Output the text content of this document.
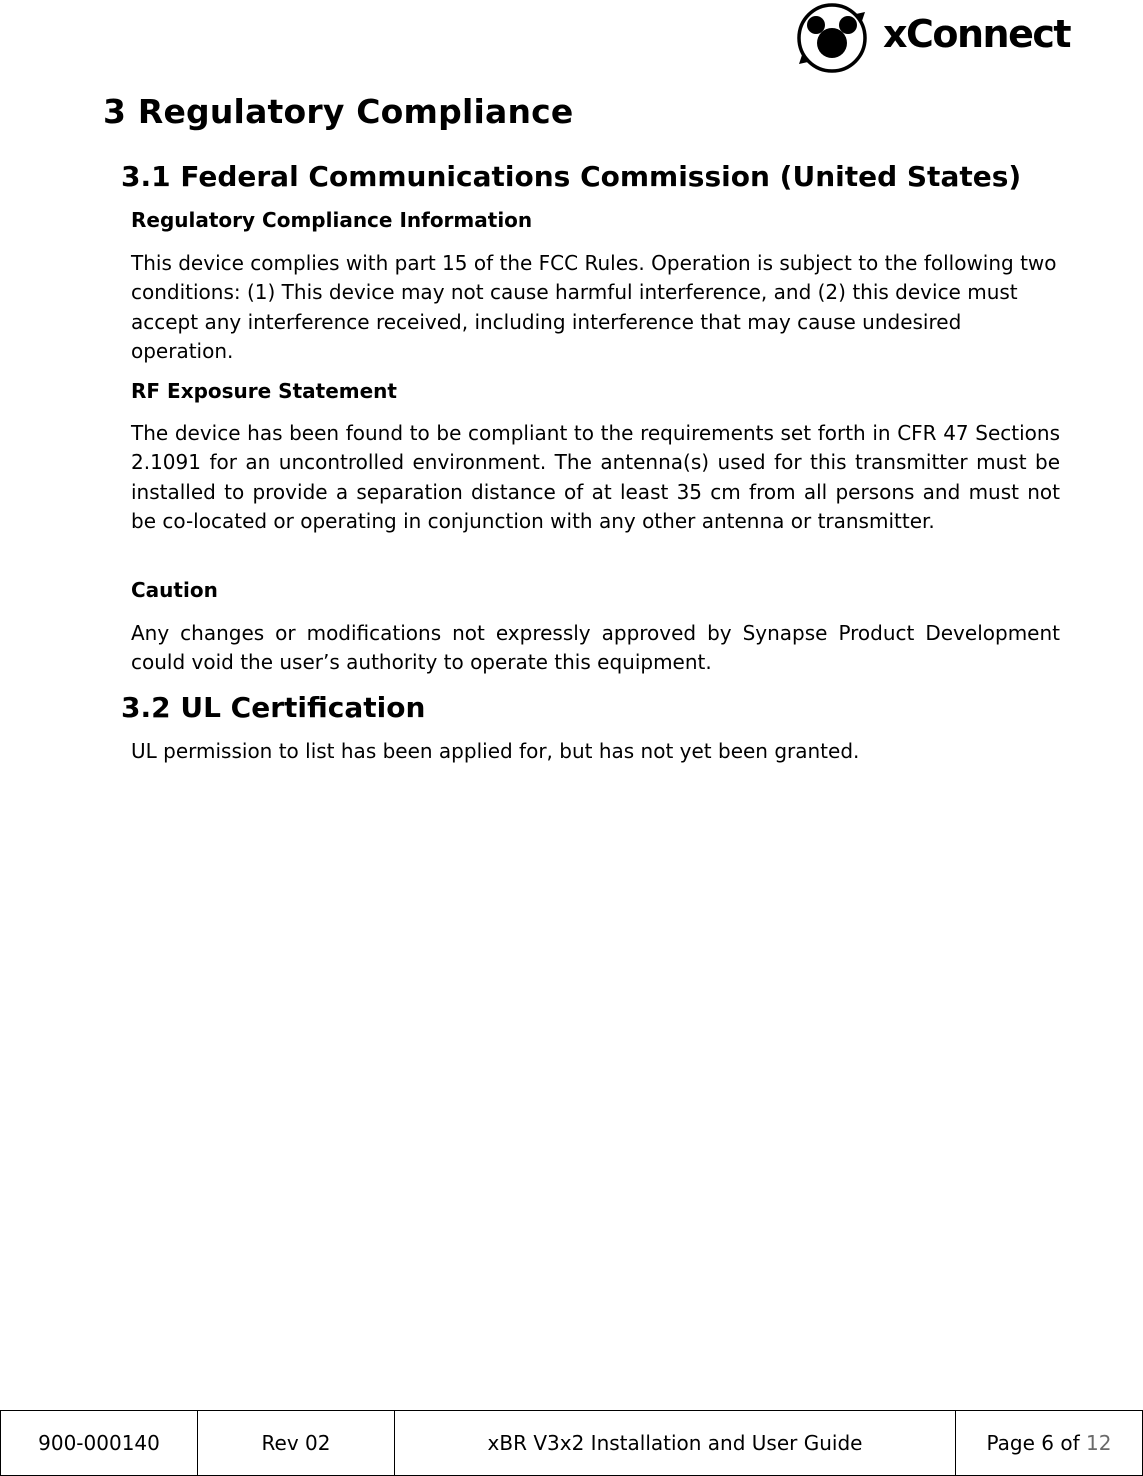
xConnect
3 Regulatory Compliance
3.1 Federal Communications Commission (United States)

Regulatory Compliance Information

This device complies with part 15 of the FCC Rules. Operation is subject to the following two conditions: (1) This device may not cause harmful interference, and (2) this device must accept any interference received, including interference that may cause undesired operation.

RF Exposure Statement

The device has been found to be compliant to the requirements set forth in CFR 47 Sections 2.1091 for an uncontrolled environment. The antenna(s) used for this transmitter must be installed to provide a separation distance of at least 35 cm from all persons and must not be co-located or operating in conjunction with any other antenna or transmitter.

Caution

Any changes or modifications not expressly approved by Synapse Product Development could void the user’s authority to operate this equipment.

3.2 UL Certification

UL permission to list has been applied for, but has not yet been granted.

900-000140	Rev 02	xBR V3x2 Installation and User Guide	Page 6 of
12
